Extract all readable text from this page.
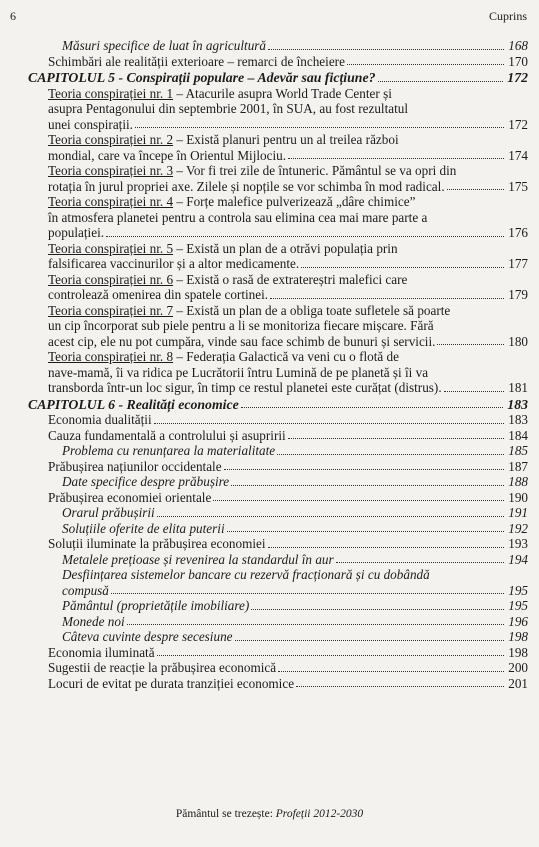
6	Cuprins
Măsuri specifice de luat în agricultură	168
Schimbări ale realității exterioare – remarci de încheiere	170
CAPITOLUL 5 - Conspirații populare – Adevăr sau ficțiune?	172
Teoria conspirației nr. 1 – Atacurile asupra World Trade Center și
asupra Pentagonului din septembrie 2001, în SUA, au fost rezultatul
unei conspirații.	172
Teoria conspirației nr. 2 – Există planuri pentru un al treilea război
mondial, care va începe în Orientul Mijlociu.	174
Teoria conspirației nr. 3 – Vor fi trei zile de întuneric. Pământul se va opri din
rotația în jurul propriei axe. Zilele și nopțile se vor schimba în mod radical.	175
Teoria conspirației nr. 4 – Forțe malefice pulverizează „dâre chimice”
în atmosfera planetei pentru a controla sau elimina cea mai mare parte a
populației.	176
Teoria conspirației nr. 5 – Există un plan de a otrăvi populația prin
falsificarea vaccinurilor și a altor medicamente.	177
Teoria conspirației nr. 6 – Există o rasă de extratereștri malefici care
controlează omenirea din spatele cortinei.	179
Teoria conspirației nr. 7 – Există un plan de a obliga toate sufletele să poarte
un cip încorporat sub piele pentru a li se monitoriza fiecare mișcare. Fără
acest cip, ele nu pot cumpăra, vinde sau face schimb de bunuri și servicii.	180
Teoria conspirației nr. 8 – Federația Galactică va veni cu o flotă de
nave-mamă, îi va ridica pe Lucrătorii întru Lumină de pe planetă și îi va
transborda într-un loc sigur, în timp ce restul planetei este curățat (distrus).	181
CAPITOLUL 6 - Realități economice	183
Economia dualității	183
Cauza fundamentală a controlului și asupririi	184
Problema cu renunțarea la materialitate	185
Prăbușirea națiunilor occidentale	187
Date specifice despre prăbușire	188
Prăbușirea economiei orientale	190
Orarul prăbușirii	191
Soluțiile oferite de elita puterii	192
Soluții iluminate la prăbușirea economiei	193
Metalele prețioase și revenirea la standardul în aur	194
Desființarea sistemelor bancare cu rezervă fracționară și cu dobândă
compusă	195
Pământul (proprietățile imobiliare)	195
Monede noi	196
Câteva cuvinte despre secesiune	198
Economia iluminată	198
Sugestii de reacție la prăbușirea economică	200
Locuri de evitat pe durata tranziției economice	201
Pământul se trezește: Profeții 2012-2030
